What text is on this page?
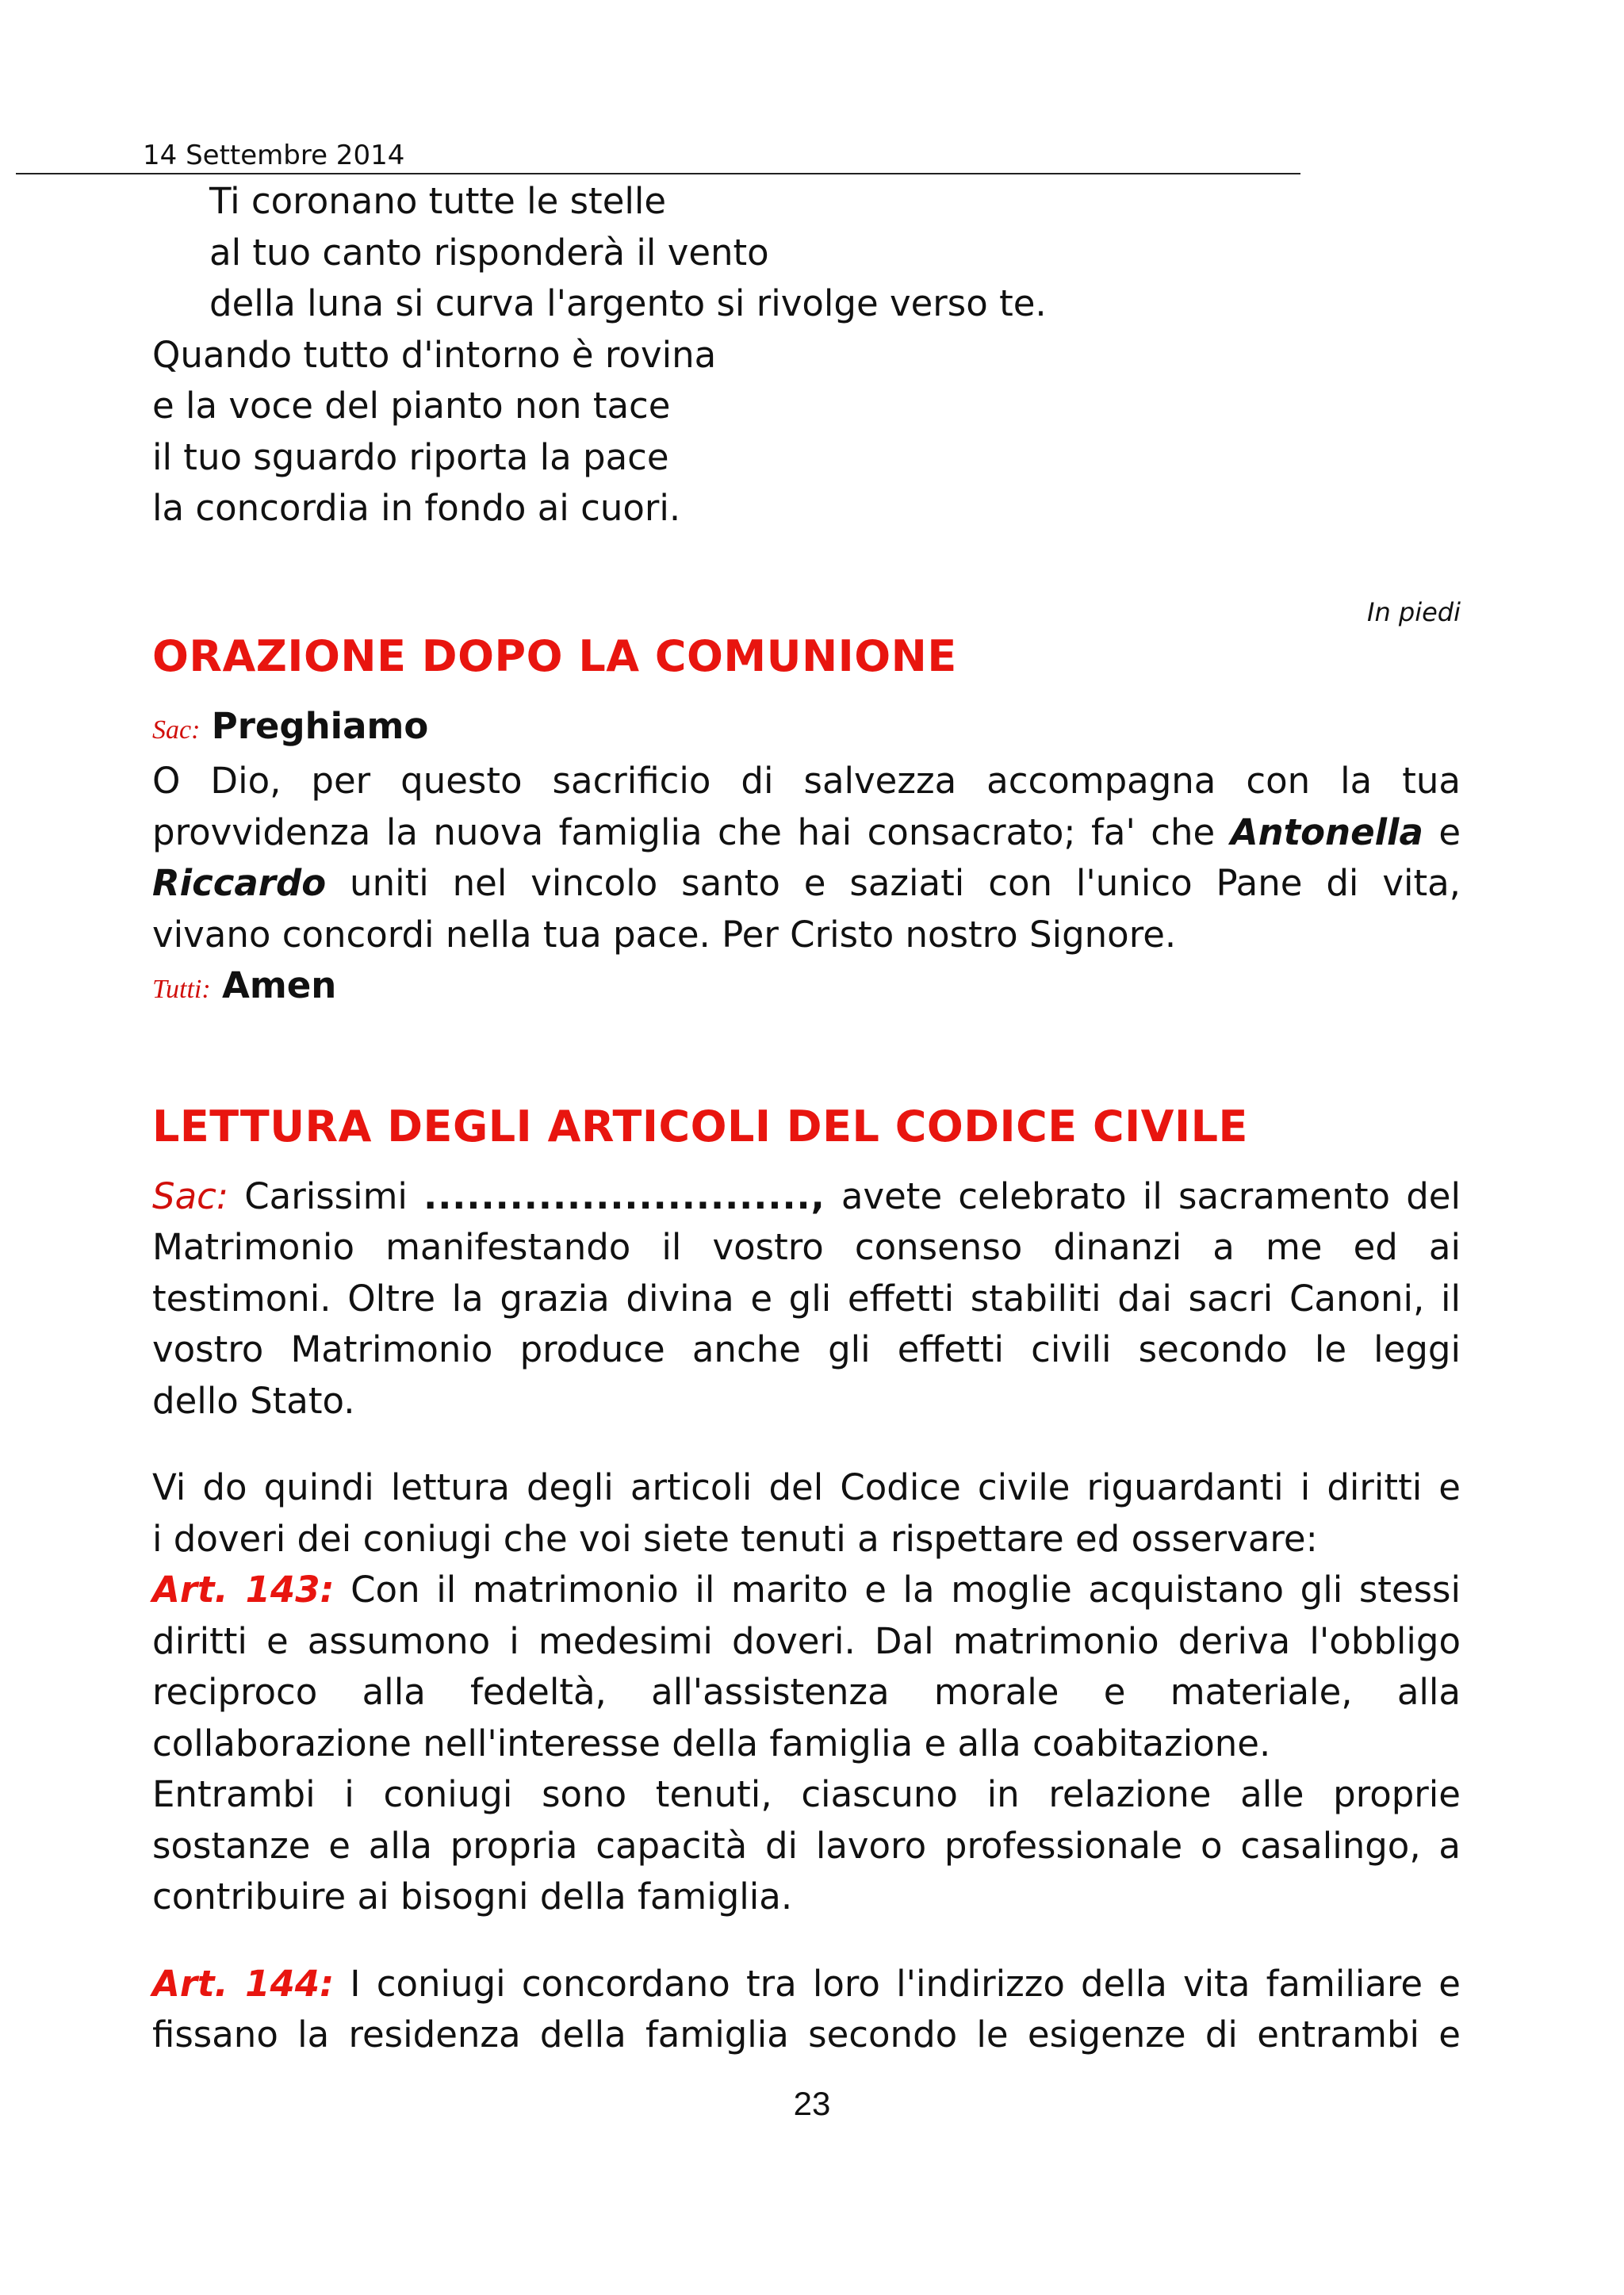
14 Settembre 2014

Ti coronano tutte le stelle

al tuo canto risponderà il vento

della luna si curva l'argento si rivolge verso te.

Quando tutto d'intorno è rovina

e la voce del pianto non tace

il tuo sguardo riporta la pace

la concordia in fondo ai cuori.

In piedi

ORAZIONE DOPO LA COMUNIONE

Sac: Preghiamo

O Dio, per questo sacrificio di salvezza accompagna con la tua
provvidenza la nuova famiglia che hai consacrato; fa' che Antonella e
Riccardo uniti nel vincolo santo e saziati con l'unico Pane di vita,
vivano concordi nella tua pace. Per Cristo nostro Signore.

Tutti: Amen

LETTURA DEGLI ARTICOLI DEL CODICE CIVILE
Sac: Carissimi ..........................., avete celebrato il sacramento del
Matrimonio manifestando il vostro consenso dinanzi a me ed ai
testimoni. Oltre la grazia divina e gli effetti stabiliti dai sacri Canoni, il
vostro Matrimonio produce anche gli effetti civili secondo le leggi
dello Stato.
Vi do quindi lettura degli articoli del Codice civile riguardanti i diritti e
i doveri dei coniugi che voi siete tenuti a rispettare ed osservare:
Art. 143: Con il matrimonio il marito e la moglie acquistano gli stessi
diritti e assumono i medesimi doveri. Dal matrimonio deriva l'obbligo
reciproco alla fedeltà, all'assistenza morale e materiale, alla
collaborazione nell'interesse della famiglia e alla coabitazione.
Entrambi i coniugi sono tenuti, ciascuno in relazione alle proprie
sostanze e alla propria capacità di lavoro professionale o casalingo, a
contribuire ai bisogni della famiglia.
Art. 144: I coniugi concordano tra loro l'indirizzo della vita familiare e
fissano la residenza della famiglia secondo le esigenze di entrambi e
23
